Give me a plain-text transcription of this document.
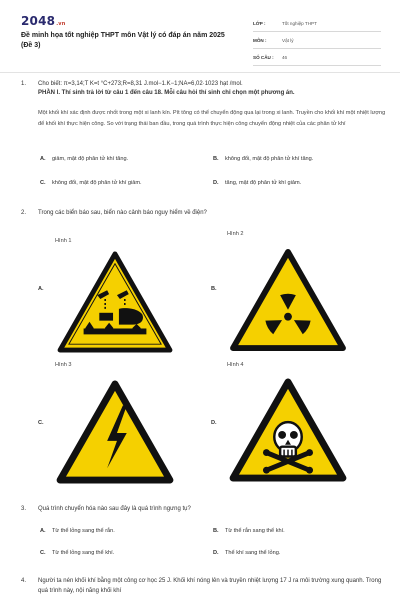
2048.vn
Đề minh họa tốt nghiệp THPT môn Vật lý có đáp án năm 2025 (Đề 3)
LỚP :	Tốt nghiệp THPT
MÔN :	Vật lý
SỐ CÂU :	46
1. Cho biết: π=3,14;T K=t °C+273;R=8,31 J.mol−1.K−1;NA=6,02·1023 hạt /mol.
PHẦN I. Thí sinh trả lời từ câu 1 đến câu 18. Mỗi câu hỏi thí sinh chỉ chọn một phương án.
Một khối khí xác định được nhốt trong một xi lanh kín. Pít tông có thể chuyển động qua lại trong xi lanh. Truyền cho khối khí một nhiệt lượng để khối khí thực hiện công. So với trạng thái ban đầu, trong quá trình thực hiện công chuyển động nhiệt của các phân tử khí
A.	giảm, mật độ phân tử khí tăng.	B.	không đổi, mật độ phân tử khí tăng.
C.	không đổi, mật độ phân tử khí giảm.	D.	tăng, mật độ phân tử khí giảm.
2. Trong các biển báo sau, biển nào cảnh báo nguy hiểm về điện?
Hình 1
Hình 2
A.	B.
Hình 3	Hình 4
C.	D.
3. Quá trình chuyển hóa nào sau đây là quá trình ngưng tụ?
A.	Từ thể lỏng sang thể rắn.	B.	Từ thể rắn sang thể khí.
C.	Từ thể lỏng sang thể khí.	D.	Thể khí sang thể lỏng.
4. Người ta nén khối khí bằng một công cơ học 25 J. Khối khí nóng lên và truyền nhiệt lượng 17 J ra môi trường xung quanh. Trong quá trình này, nội năng khối khí
